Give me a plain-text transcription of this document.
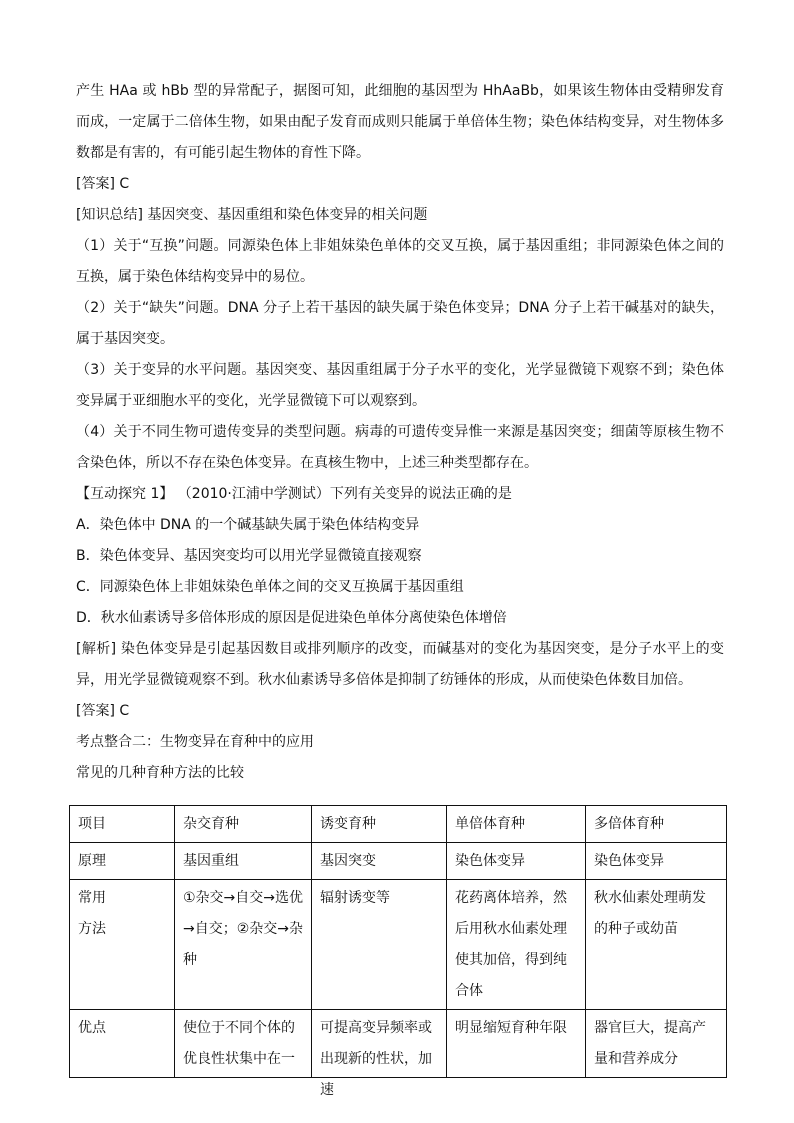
产生 HAa 或 hBb 型的异常配子，据图可知，此细胞的基因型为 HhAaBb，如果该生物体由受精卵发育而成，一定属于二倍体生物，如果由配子发育而成则只能属于单倍体生物；染色体结构变异，对生物体多数都是有害的，有可能引起生物体的育性下降。

[答案] C

[知识总结] 基因突变、基因重组和染色体变异的相关问题

（1）关于“互换”问题。同源染色体上非姐妹染色单体的交叉互换，属于基因重组；非同源染色体之间的互换，属于染色体结构变异中的易位。

（2）关于“缺失”问题。DNA 分子上若干基因的缺失属于染色体变异；DNA 分子上若干碱基对的缺失，属于基因突变。

（3）关于变异的水平问题。基因突变、基因重组属于分子水平的变化，光学显微镜下观察不到；染色体变异属于亚细胞水平的变化，光学显微镜下可以观察到。

（4）关于不同生物可遗传变异的类型问题。病毒的可遗传变异惟一来源是基因突变；细菌等原核生物不含染色体，所以不存在染色体变异。在真核生物中，上述三种类型都存在。

【互动探究 1】 （2010·江浦中学测试）下列有关变异的说法正确的是

A．染色体中 DNA 的一个碱基缺失属于染色体结构变异

B．染色体变异、基因突变均可以用光学显微镜直接观察

C．同源染色体上非姐妹染色单体之间的交叉互换属于基因重组

D．秋水仙素诱导多倍体形成的原因是促进染色单体分离使染色体增倍

[解析] 染色体变异是引起基因数目或排列顺序的改变，而碱基对的变化为基因突变，是分子水平上的变异，用光学显微镜观察不到。秋水仙素诱导多倍体是抑制了纺锤体的形成，从而使染色体数目加倍。

[答案] C

考点整合二：生物变异在育种中的应用

常见的几种育种方法的比较

项目	杂交育种	诱变育种	单倍体育种	多倍体育种
原理	基因重组	基因突变	染色体变异	染色体变异

常用方法	①杂交→自交→选优→自交；②杂交→杂种	辐射诱变等	花药离体培养，然后用秋水仙素处理使其加倍，得到纯合体	秋水仙素处理萌发的种子或幼苗
优点	使位于不同个体的优良性状集中在一	可提高变异频率或出现新的性状，加速	明显缩短育种年限	器官巨大，提高产量和营养成分
